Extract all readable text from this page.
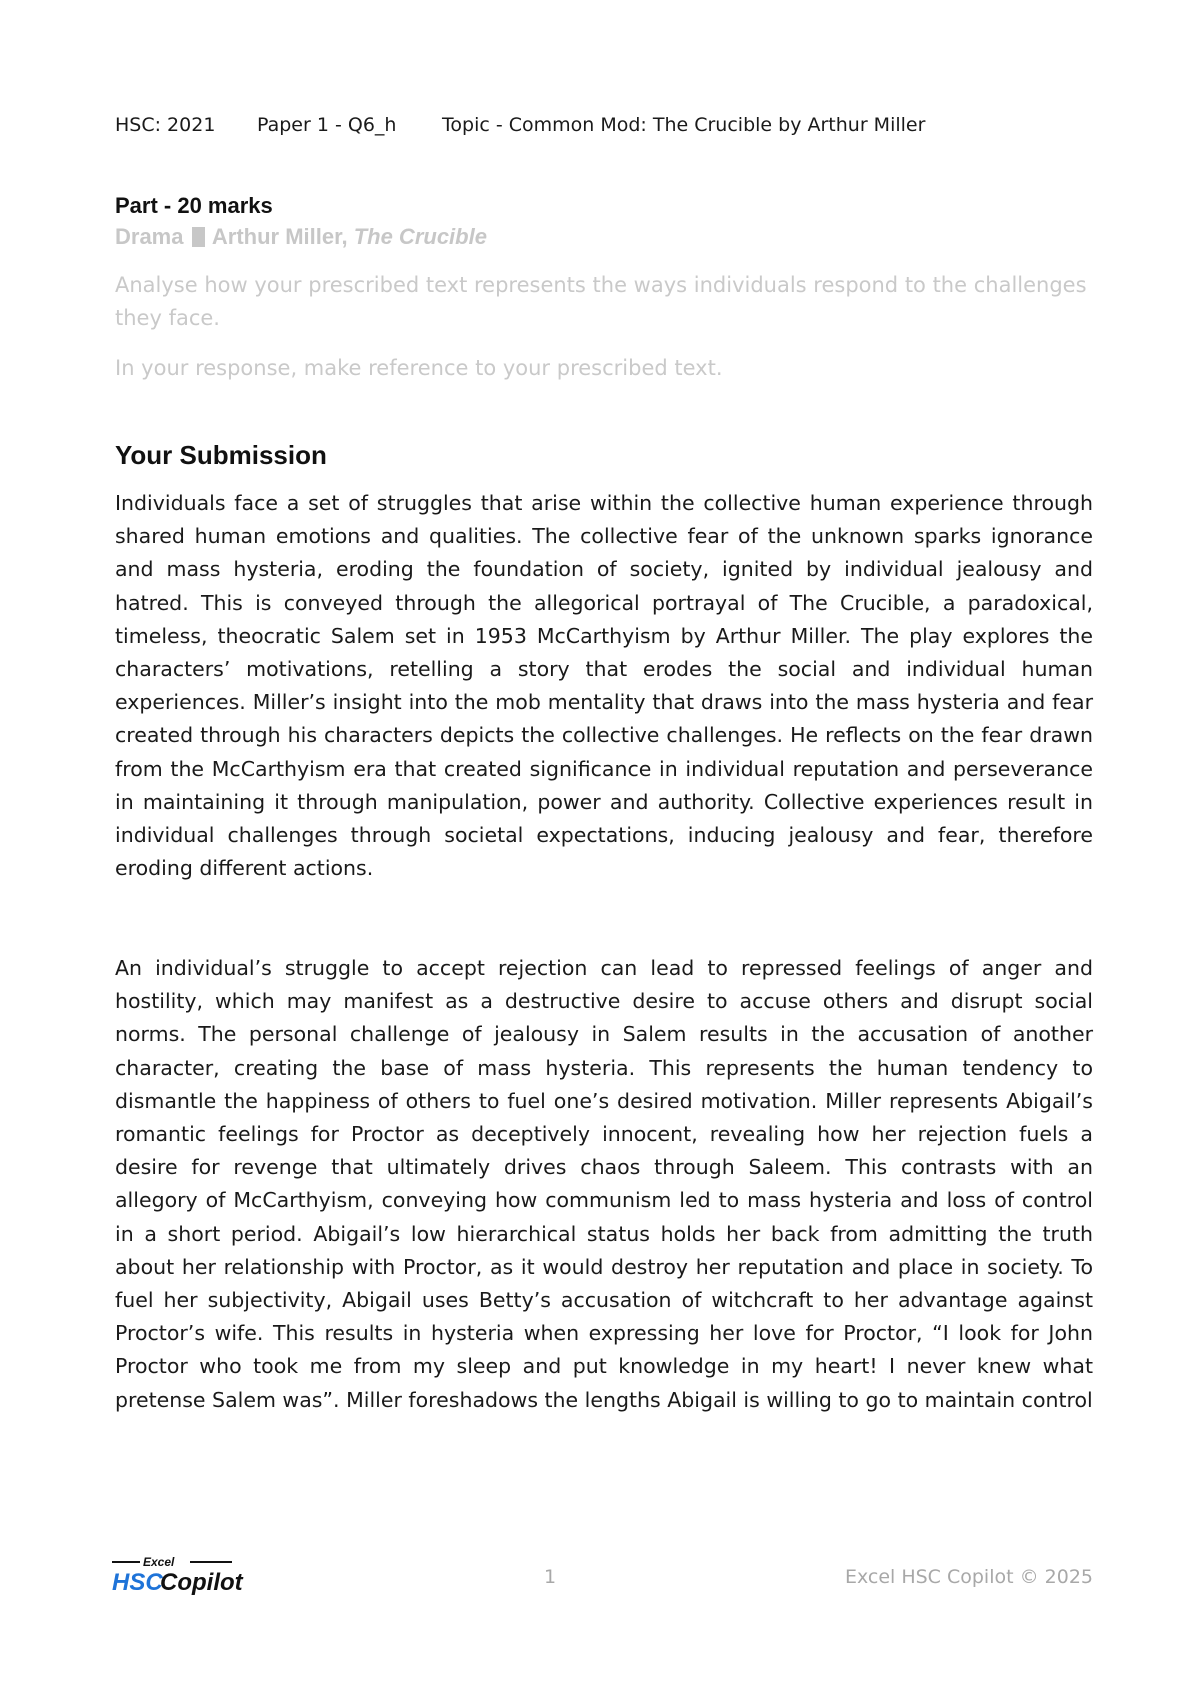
HSC: 2021 Paper 1 - Q6_h Topic - Common Mod: The Crucible by Arthur Miller
Part - 20 marks
Drama Arthur Miller, The Crucible
Analyse how your prescribed text represents the ways individuals respond to the challenges they face.
In your response, make reference to your prescribed text.
Your Submission

Individuals face a set of struggles that arise within the collective human experience through shared human emotions and qualities. The collective fear of the unknown sparks ignorance and mass hysteria, eroding the foundation of society, ignited by individual jealousy and hatred. This is conveyed through the allegorical portrayal of The Crucible, a paradoxical, timeless, theocratic Salem set in 1953 McCarthyism by Arthur Miller. The play explores the characters’ motivations, retelling a story that erodes the social and individual human experiences. Miller’s insight into the mob mentality that draws into the mass hysteria and fear created through his characters depicts the collective challenges. He reflects on the fear drawn from the McCarthyism era that created significance in individual reputation and perseverance in maintaining it through manipulation, power and authority. Collective experiences result in individual challenges through societal expectations, inducing jealousy and fear, therefore eroding different actions.

An individual’s struggle to accept rejection can lead to repressed feelings of anger and hostility, which may manifest as a destructive desire to accuse others and disrupt social norms. The personal challenge of jealousy in Salem results in the accusation of another character, creating the base of mass hysteria. This represents the human tendency to dismantle the happiness of others to fuel one’s desired motivation. Miller represents Abigail’s romantic feelings for Proctor as deceptively innocent, revealing how her rejection fuels a desire for revenge that ultimately drives chaos through Saleem. This contrasts with an allegory of McCarthyism, conveying how communism led to mass hysteria and loss of control in a short period. Abigail’s low hierarchical status holds her back from admitting the truth about her relationship with Proctor, as it would destroy her reputation and place in society. To fuel her subjectivity, Abigail uses Betty’s accusation of witchcraft to her advantage against Proctor’s wife. This results in hysteria when expressing her love for Proctor, “I look for John Proctor who took me from my sleep and put knowledge in my heart! I never knew what pretense Salem was”. Miller foreshadows the lengths Abigail is willing to go to maintain control

Excel
HSC
Copilot	1	Excel HSC Copilot © 2025
